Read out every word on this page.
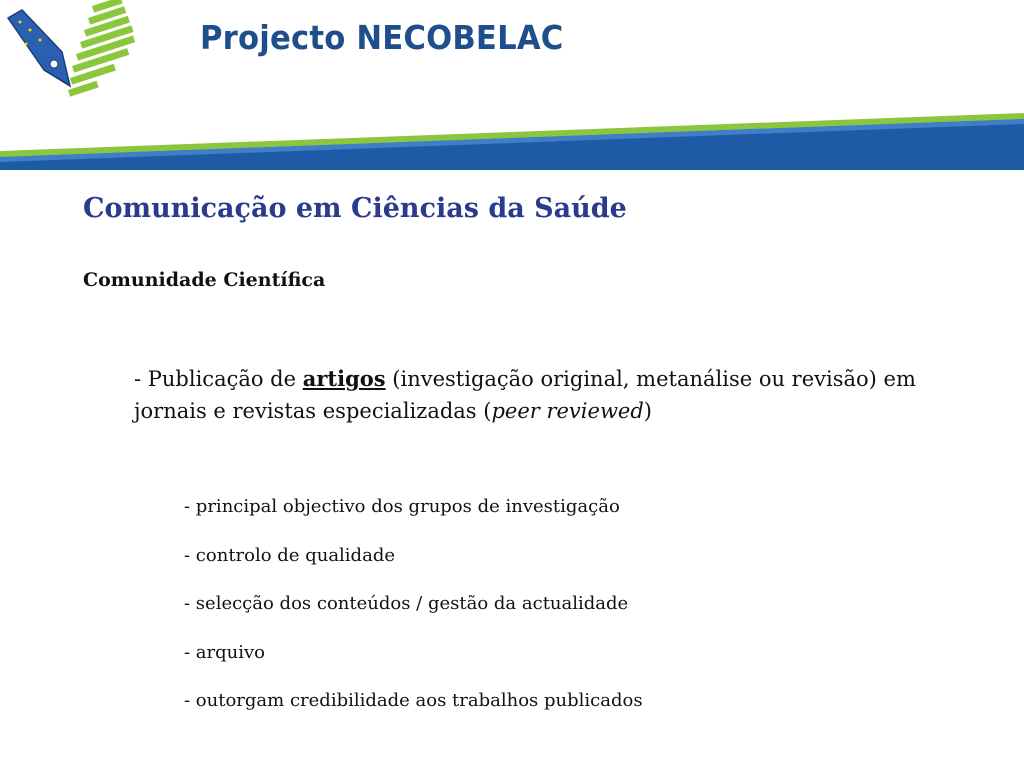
Projecto NECOBELAC
Comunicação em Ciências da Saúde
Comunidade Científica

- Publicação de artigos (investigação original, metanálise ou revisão) em jornais e revistas especializadas (peer reviewed)

- principal objectivo dos grupos de investigação
- controlo de qualidade
- selecção dos conteúdos / gestão da actualidade
- arquivo
- outorgam credibilidade aos trabalhos publicados
